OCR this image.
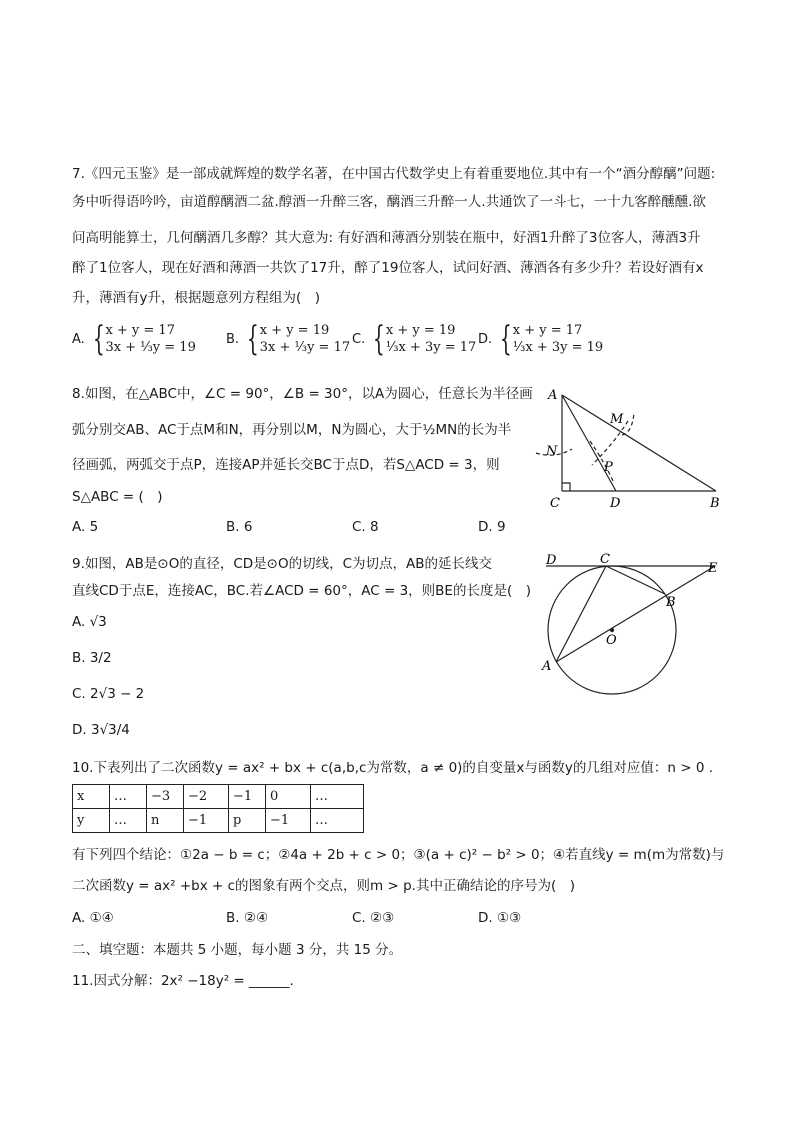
7.《四元玉鉴》是一部成就辉煌的数学名著，在中国古代数学史上有着重要地位.其中有一个“酒分醇醨”问题:
务中听得语吟吟，亩道醇醨酒二盆.醇酒一升醉三客，醨酒三升醉一人.共通饮了一斗七，一十九客醉醺醺.欲
问高明能算士，几何醨酒几多醇？其大意为: 有好酒和薄酒分别装在瓶中，好酒1升醉了3位客人，薄酒3升
醉了1位客人，现在好酒和薄酒一共饮了17升，醉了19位客人，试问好酒、薄酒各有多少升？若设好酒有x
升，薄酒有y升，根据题意列方程组为(　)
A. { x + y = 17
3x + ⅓y = 19
B. { x + y = 19
3x + ⅓y = 17
C. { x + y = 19
⅓x + 3y = 17
D. { x + y = 17
⅓x + 3y = 19
8.如图，在△ABC中，∠C = 90°，∠B = 30°，以A为圆心，任意长为半径画
弧分别交AB、AC于点M和N，再分别以M，N为圆心，大于½MN的长为半
径画弧，两弧交于点P，连接AP并延长交BC于点D，若S△ACD = 3，则
S△ABC = (　)
A. 5	B. 6	C. 8	D. 9
A
M
N
P
C	D	B
9.如图，AB是⊙O的直径，CD是⊙O的切线，C为切点，AB的延长线交
直线CD于点E，连接AC，BC.若∠ACD = 60°，AC = 3，则BE的长度是(　)
A. √3
B. 3/2
C. 2√3 − 2
D. 3√3/4
D	C
E
B
O
A
10.下表列出了二次函数y = ax² + bx + c(a,b,c为常数，a ≠ 0)的自变量x与函数y的几组对应值：n > 0 .
x	…	−3	−2	−1	0	…
y	…	n	−1	p	−1	…
有下列四个结论：①2a − b = c；②4a + 2b + c > 0；③(a + c)² − b² > 0；④若直线y = m(m为常数)与
二次函数y = ax² +bx + c的图象有两个交点，则m > p.其中正确结论的序号为(　)
A. ①④	B. ②④	C. ②③	D. ①③
二、填空题：本题共 5 小题，每小题 3 分，共 15 分。
11.因式分解：2x² −18y² = ______.
